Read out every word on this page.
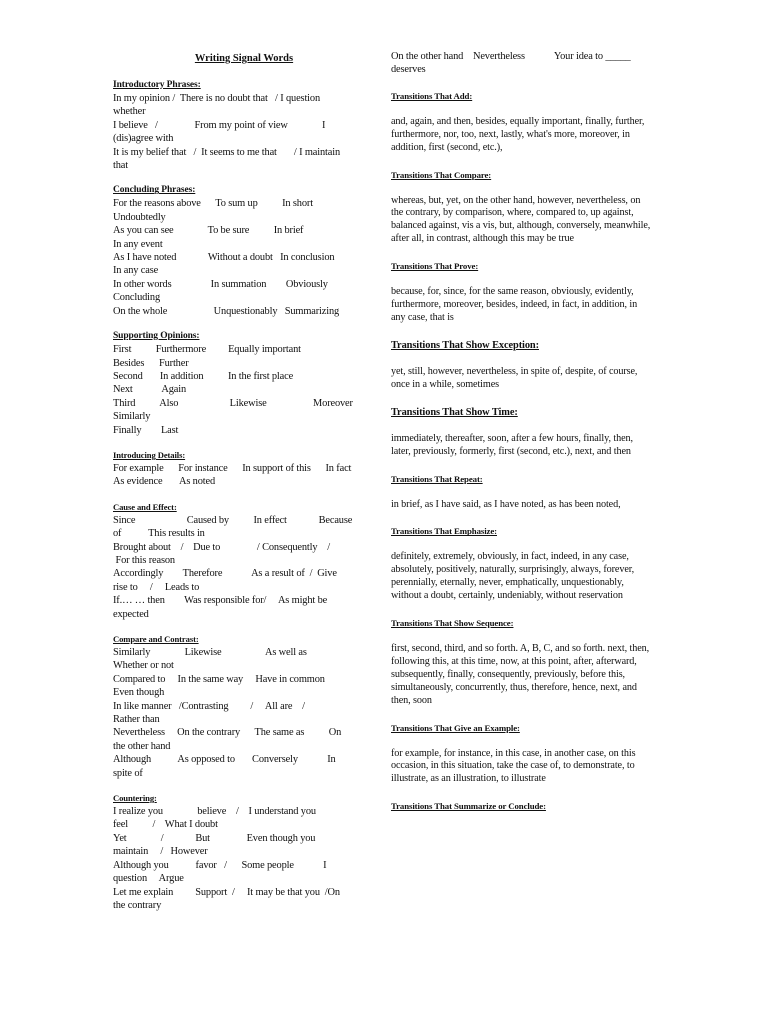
Writing Signal Words
Introductory Phrases:
In my opinion /  There is no doubt that   / I question
whether
I believe   /               From my point of view              I
(dis)agree with
It is my belief that   /  It seems to me that       / I maintain
that
Concluding Phrases:
For the reasons above      To sum up          In short
Undoubtedly
As you can see              To be sure          In brief
In any event
As I have noted             Without a doubt   In conclusion
In any case
In other words                In summation        Obviously
Concluding
On the whole                   Unquestionably   Summarizing
Supporting Opinions:
First          Furthermore         Equally important
Besides      Further
Second       In addition          In the first place
Next            Again
Third          Also                     Likewise                   Moreover
Similarly
Finally        Last
Introducing Details:
For example      For instance      In support of this      In fact
As evidence       As noted
Cause and Effect:
Since                     Caused by          In effect             Because
of           This results in
Brought about    /    Due to               / Consequently    /
For this reason
Accordingly        Therefore            As a result of  /  Give
rise to     /     Leads to
If.… … then        Was responsible for/     As might be
expected
Compare and Contrast:
Similarly              Likewise                  As well as
Whether or not
Compared to     In the same way     Have in common
Even though
In like manner   /Contrasting         /     All are    /
Rather than
Nevertheless     On the contrary      The same as          On
the other hand
Although           As opposed to       Conversely            In
spite of
Countering:
I realize you              believe    /    I understand you
feel          /    What I doubt
Yet              /             But               Even though you
maintain     /   However
Although you           favor   /      Some people            I
question     Argue
Let me explain         Support  /     It may be that you  /On
the contrary
On the other hand    Nevertheless            Your idea to _____
deserves
Transitions That Add:
and, again, and then, besides, equally important, finally, further, furthermore, nor, too, next, lastly, what's more, moreover, in addition, first (second, etc.),
Transitions That Compare:
whereas, but, yet, on the other hand, however, nevertheless, on the contrary, by comparison, where, compared to, up against, balanced against, vis a vis, but, although, conversely, meanwhile, after all, in contrast, although this may be true
Transitions That Prove:
because, for, since, for the same reason, obviously, evidently, furthermore, moreover, besides, indeed, in fact, in addition, in any case, that is
Transitions That Show Exception:
yet, still, however, nevertheless, in spite of, despite, of course, once in a while, sometimes
Transitions That Show Time:
immediately, thereafter, soon, after a few hours, finally, then, later, previously, formerly, first (second, etc.), next, and then
Transitions That Repeat:
in brief, as I have said, as I have noted, as has been noted,
Transitions That Emphasize:
definitely, extremely, obviously, in fact, indeed, in any case, absolutely, positively, naturally, surprisingly, always, forever, perennially, eternally, never, emphatically, unquestionably, without a doubt, certainly, undeniably, without reservation
Transitions That Show Sequence:
first, second, third, and so forth. A, B, C, and so forth. next, then, following this, at this time, now, at this point, after, afterward, subsequently, finally, consequently, previously, before this, simultaneously, concurrently, thus, therefore, hence, next, and then, soon
Transitions That Give an Example:
for example, for instance, in this case, in another case, on this occasion, in this situation, take the case of, to demonstrate, to illustrate, as an illustration, to illustrate
Transitions That Summarize or Conclude:
